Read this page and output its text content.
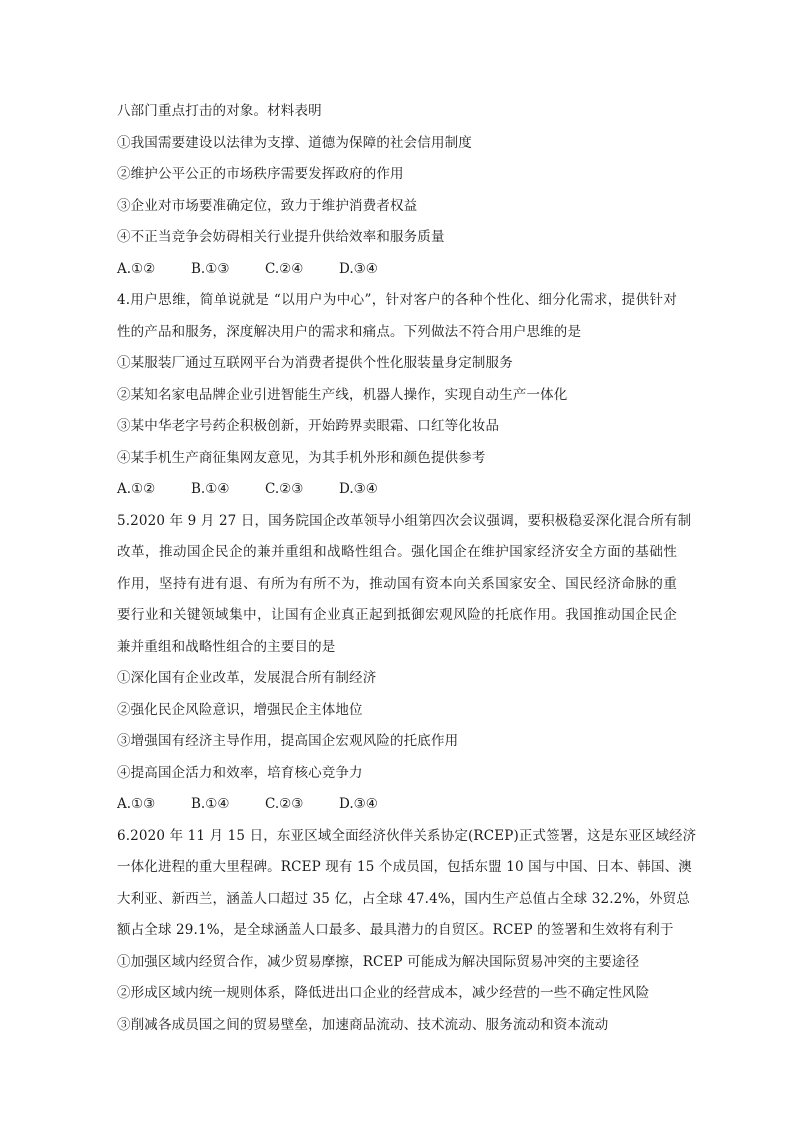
八部门重点打击的对象。材料表明
①我国需要建设以法律为支撑、道德为保障的社会信用制度
②维护公平公正的市场秩序需要发挥政府的作用
③企业对市场要准确定位，致力于维护消费者权益
④不正当竞争会妨碍相关行业提升供给效率和服务质量
A.①②	B.①③	C.②④	D.③④
4.用户思维，简单说就是 “以用户为中心”，针对客户的各种个性化、细分化需求，提供针对
性的产品和服务，深度解决用户的需求和痛点。下列做法不符合用户思维的是
①某服装厂通过互联网平台为消费者提供个性化服装量身定制服务
②某知名家电品牌企业引进智能生产线，机器人操作，实现自动生产一体化
③某中华老字号药企积极创新，开始跨界卖眼霜、口红等化妆品
④某手机生产商征集网友意见，为其手机外形和颜色提供参考
A.①②	B.①④	C.②③	D.③④
5.2020 年 9 月 27 日，国务院国企改革领导小组第四次会议强调，要积极稳妥深化混合所有制
改革，推动国企民企的兼并重组和战略性组合。强化国企在维护国家经济安全方面的基础性
作用，坚持有进有退、有所为有所不为，推动国有资本向关系国家安全、国民经济命脉的重
要行业和关键领域集中，让国有企业真正起到抵御宏观风险的托底作用。我国推动国企民企
兼并重组和战略性组合的主要目的是
①深化国有企业改革，发展混合所有制经济
②强化民企风险意识，增强民企主体地位
③增强国有经济主导作用，提高国企宏观风险的托底作用
④提高国企活力和效率，培育核心竞争力
A.①③	B.①④	C.②③	D.③④
6.2020 年 11 月 15 日，东亚区域全面经济伙伴关系协定(RCEP)正式签署，这是东亚区域经济
一体化进程的重大里程碑。RCEP 现有 15 个成员国，包括东盟 10 国与中国、日本、韩国、澳
大利亚、新西兰，涵盖人口超过 35 亿，占全球 47.4%，国内生产总值占全球 32.2%，外贸总
额占全球 29.1%，是全球涵盖人口最多、最具潜力的自贸区。RCEP 的签署和生效将有利于
①加强区域内经贸合作，减少贸易摩擦，RCEP 可能成为解决国际贸易冲突的主要途径
②形成区域内统一规则体系，降低进出口企业的经营成本，减少经营的一些不确定性风险
③削减各成员国之间的贸易壁垒，加速商品流动、技术流动、服务流动和资本流动
